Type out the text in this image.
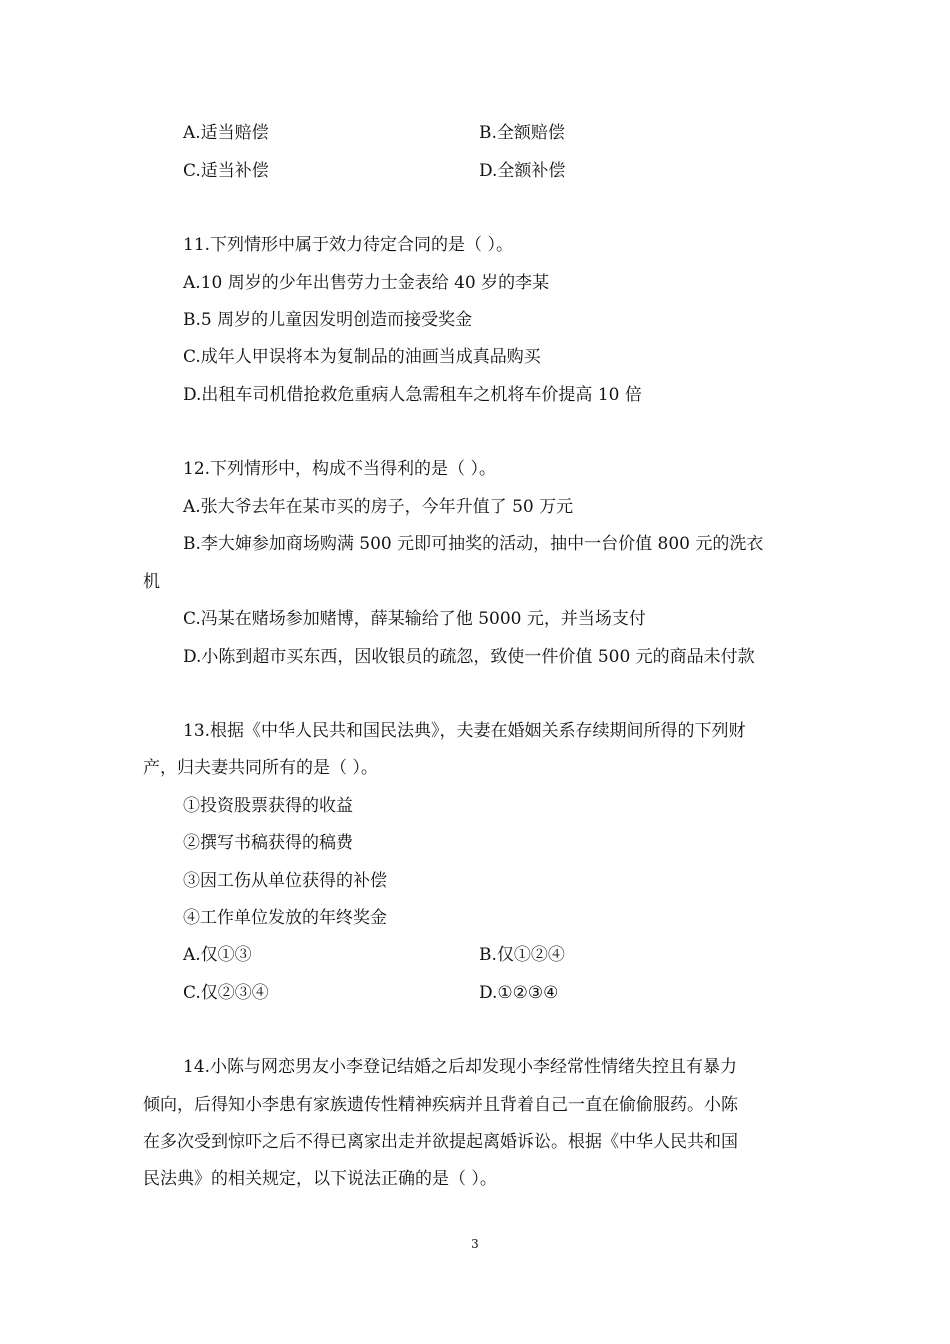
A.适当赔偿	B.全额赔偿
C.适当补偿	D.全额补偿
11.下列情形中属于效力待定合同的是（ ）。
A.10 周岁的少年出售劳力士金表给 40 岁的李某
B.5 周岁的儿童因发明创造而接受奖金
C.成年人甲误将本为复制品的油画当成真品购买
D.出租车司机借抢救危重病人急需租车之机将车价提高 10 倍
12.下列情形中，构成不当得利的是（ ）。
A.张大爷去年在某市买的房子，今年升值了 50 万元
B.李大婶参加商场购满 500 元即可抽奖的活动，抽中一台价值 800 元的洗衣
机
C.冯某在赌场参加赌博，薛某输给了他 5000 元，并当场支付
D.小陈到超市买东西，因收银员的疏忽，致使一件价值 500 元的商品未付款
13.根据《中华人民共和国民法典》，夫妻在婚姻关系存续期间所得的下列财
产，归夫妻共同所有的是（ ）。
①投资股票获得的收益
②撰写书稿获得的稿费
③因工伤从单位获得的补偿
④工作单位发放的年终奖金
A.仅①③	B.仅①②④
C.仅②③④	D.①②③④
14.小陈与网恋男友小李登记结婚之后却发现小李经常性情绪失控且有暴力
倾向，后得知小李患有家族遗传性精神疾病并且背着自己一直在偷偷服药。小陈
在多次受到惊吓之后不得已离家出走并欲提起离婚诉讼。根据《中华人民共和国
民法典》的相关规定，以下说法正确的是（ ）。
3
